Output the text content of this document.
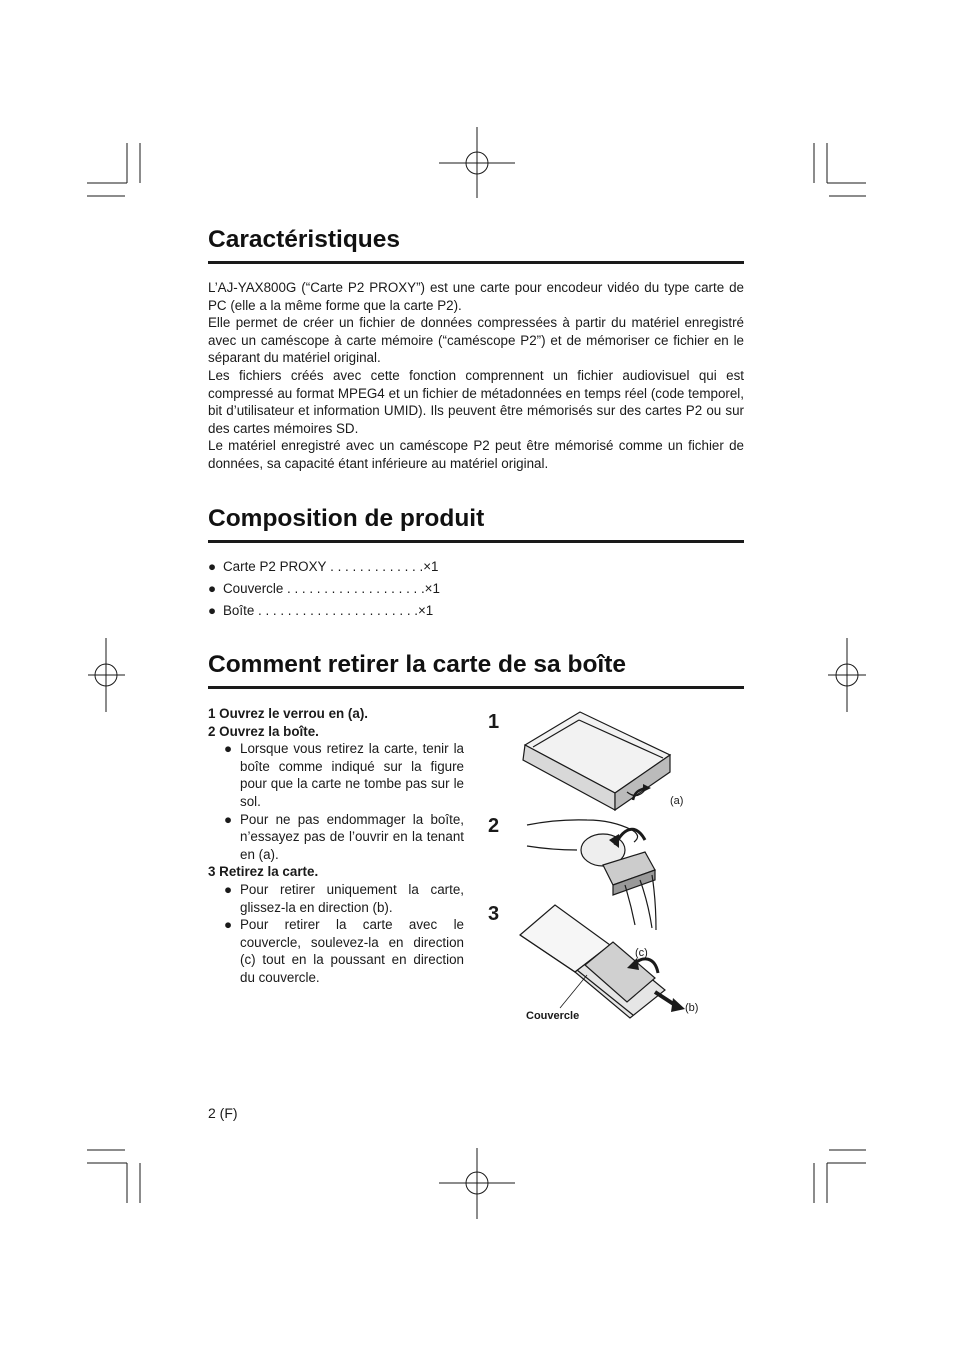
Caractéristiques

L’AJ-YAX800G (“Carte P2 PROXY”) est une carte pour encodeur vidéo du type carte de PC (elle a la même forme que la carte P2).

Elle permet de créer un fichier de données compressées à partir du matériel enregistré avec un caméscope à carte mémoire (“caméscope P2”) et de mémoriser ce fichier en le séparant du matériel original.

Les fichiers créés avec cette fonction comprennent un fichier audiovisuel qui est compressé au format MPEG4 et un fichier de métadonnées en temps réel (code temporel, bit d’utilisateur et information UMID). Ils peuvent être mémorisés sur des cartes P2 ou sur des cartes mémoires SD.

Le matériel enregistré avec un caméscope P2 peut être mémorisé comme un fichier de données, sa capacité étant inférieure au matériel original.

Composition de produit
● Carte P2 PROXY . . . . . . . . . . . . . ×1
● Couvercle . . . . . . . . . . . . . . . . . . . ×1
● Boîte . . . . . . . . . . . . . . . . . . . . . . ×1
Comment retirer la carte de sa boîte
1 Ouvrez le verrou en (a).
2 Ouvrez la boîte.
● Lorsque vous retirez la carte, tenir la boîte comme indiqué sur la figure pour que la carte ne tombe pas sur le sol.
● Pour ne pas endommager la boîte, n’essayez pas de l’ouvrir en la tenant en (a).
3 Retirez la carte.
● Pour retirer uniquement la carte, glissez-la en direction (b).
● Pour retirer la carte avec le couvercle, soulevez-la en direction (c) tout en la poussant en direction du couvercle.
1
2
3
(a)
(c)
(b)
Couvercle
2 (F)
